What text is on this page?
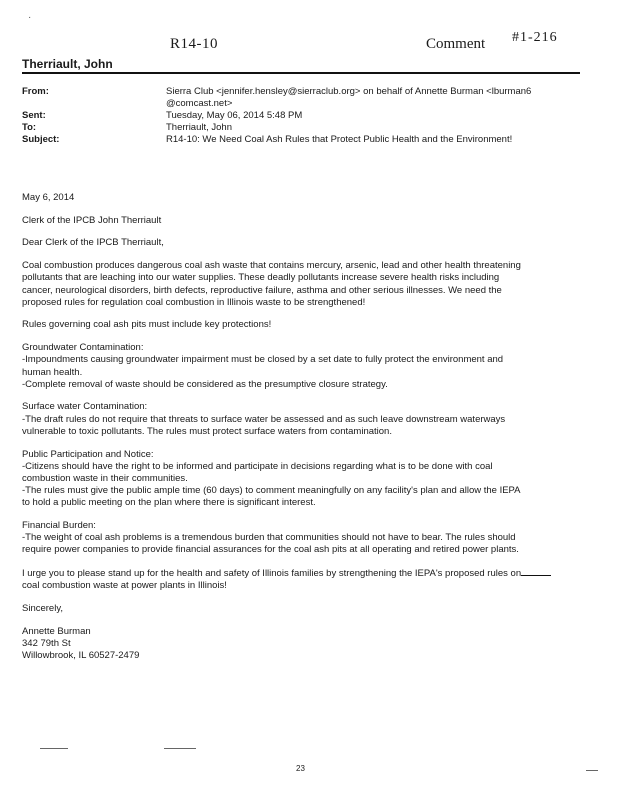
·
R14-10	Comment #1-216
Therriault, John
From:	Sierra Club <jennifer.hensley@sierraclub.org> on behalf of Annette Burman <lburman6
@comcast.net>
Sent:	Tuesday, May 06, 2014 5:48 PM
To:	Therriault, John
Subject:	R14-10: We Need Coal Ash Rules that Protect Public Health and the Environment!

May 6, 2014

Clerk of the IPCB John Therriault

Dear Clerk of the IPCB Therriault,

Coal combustion produces dangerous coal ash waste that contains mercury, arsenic, lead and other health threatening
pollutants that are leaching into our water supplies. These deadly pollutants increase severe health risks including
cancer, neurological disorders, birth defects, reproductive failure, asthma and other serious illnesses. We need the
proposed rules for regulation coal combustion in Illinois waste to be strengthened!

Rules governing coal ash pits must include key protections!

Groundwater Contamination:
-Impoundments causing groundwater impairment must be closed by a set date to fully protect the environment and
human health.
-Complete removal of waste should be considered as the presumptive closure strategy.

Surface water Contamination:
-The draft rules do not require that threats to surface water be assessed and as such leave downstream waterways
vulnerable to toxic pollutants. The rules must protect surface waters from contamination.

Public Participation and Notice:
-Citizens should have the right to be informed and participate in decisions regarding what is to be done with coal
combustion waste in their communities.
-The rules must give the public ample time (60 days) to comment meaningfully on any facility's plan and allow the IEPA
to hold a public meeting on the plan where there is significant interest.

Financial Burden:
-The weight of coal ash problems is a tremendous burden that communities should not have to bear. The rules should
require power companies to provide financial assurances for the coal ash pits at all operating and retired power plants.

I urge you to please stand up for the health and safety of Illinois families by strengthening the IEPA's proposed rules on
coal combustion waste at power plants in Illinois!

Sincerely,

Annette Burman
342 79th St
Willowbrook, IL 60527-2479

23
